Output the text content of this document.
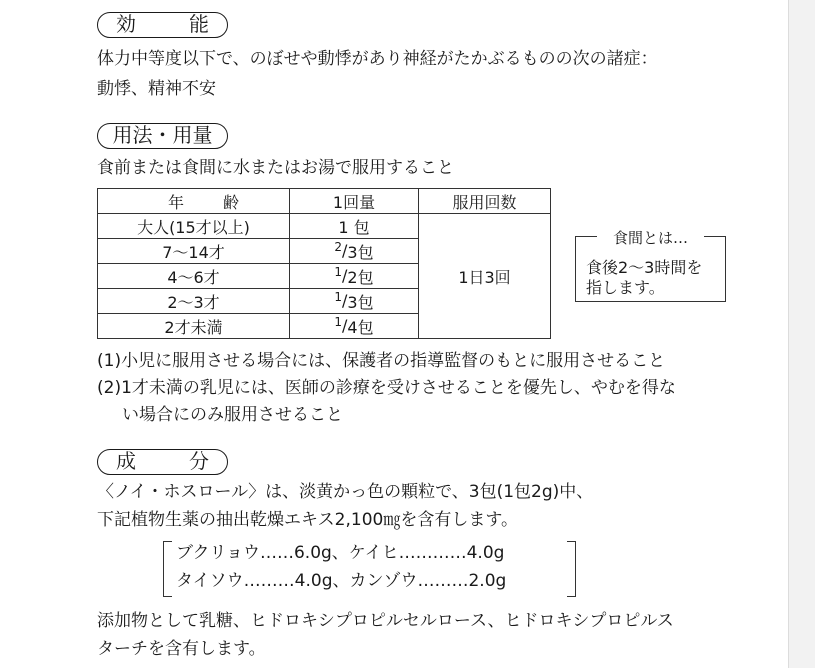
効	能
体力中等度以下で、のぼせや動悸があり神経がたかぶるものの次の諸症：
動悸、精神不安
用法・用量
食前または食間に水またはお湯で服用すること
年 齢	1回量	服用回数
大人(15才以上)	1 包	1日3回
7〜14才	$^2/_{3包}$
4〜6才	$^1/_{2包}$
2〜3才	$^1/_{3包}$
2才未満	$^1/_{4包}$
食間とは…
食後2〜3時間を
指します。
(1)小児に服用させる場合には、保護者の指導監督のもとに服用させること
(2)1才未満の乳児には、医師の診療を受けさせることを優先し、やむを得な
い場合にのみ服用させること
成	分
〈ノイ・ホスロール〉は、淡黄かっ色の顆粒で、3包(1包2g)中、
下記植物生薬の抽出乾燥エキス2,100㎎を含有します。
ブクリョウ……6.0g、ケイヒ…………4.0g
タイソウ………4.0g、カンゾウ………2.0g
添加物として乳糖、ヒドロキシプロピルセルロース、ヒドロキシプロピルス
ターチを含有します。
